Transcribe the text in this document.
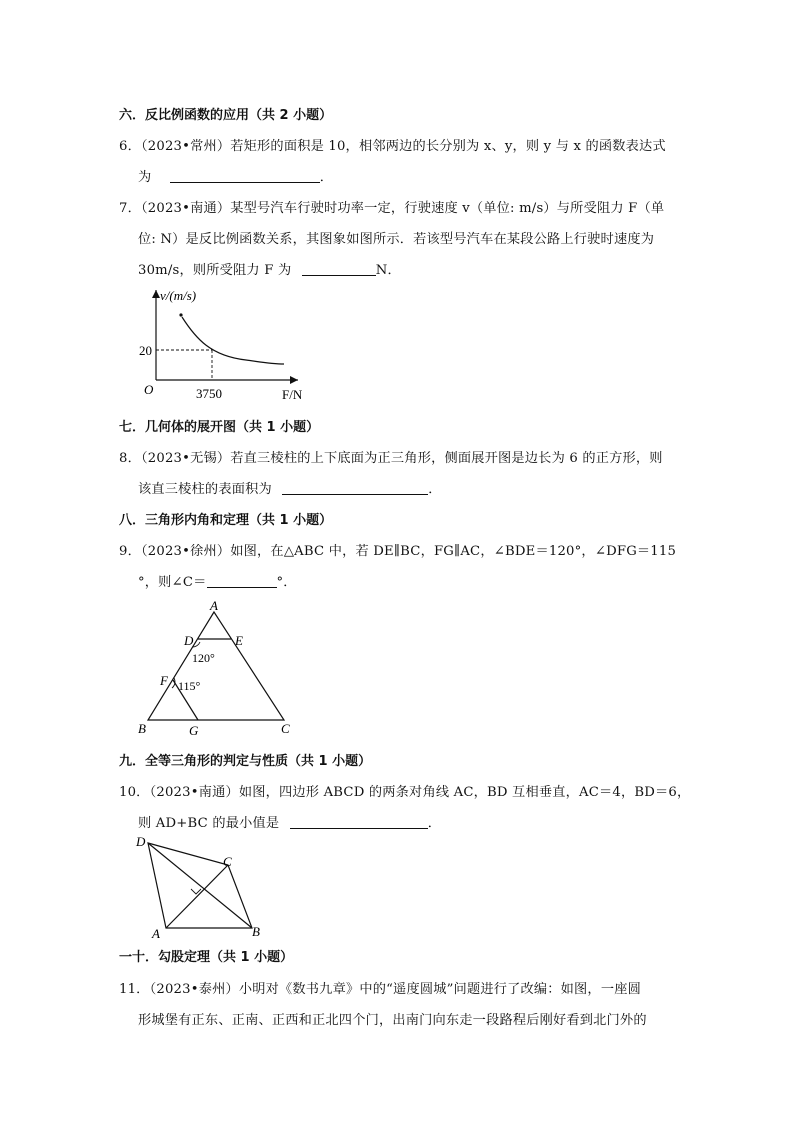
六．反比例函数的应用（共 2 小题）
6．（2023•常州）若矩形的面积是 10，相邻两边的长分别为 x、y，则 y 与 x 的函数表达式
为	．
7．（2023•南通）某型号汽车行驶时功率一定，行驶速度 v（单位: m/s）与所受阻力 F（单
位: N）是反比例函数关系，其图象如图所示．若该型号汽车在某段公路上行驶时速度为
30m/s，则所受阻力 F 为	N．
v/(m/s)
F/N
O
20
3750
七．几何体的展开图（共 1 小题）
8．（2023•无锡）若直三棱柱的上下底面为正三角形，侧面展开图是边长为 6 的正方形，则
该直三棱柱的表面积为	．
八．三角形内角和定理（共 1 小题）
9．（2023•徐州）如图，在△ABC 中，若 DE∥BC，FG∥AC，∠BDE＝120°，∠DFG＝115
°，则∠C＝	°．
A
B	C
D	E
F
G
120°
115°
九．全等三角形的判定与性质（共 1 小题）
10．（2023•南通）如图，四边形 ABCD 的两条对角线 AC，BD 互相垂直，AC＝4，BD＝6，
则 AD+BC 的最小值是	．
D
C
A	B
一十．勾股定理（共 1 小题）
11．（2023•泰州）小明对《数书九章》中的“遥度圆城”问题进行了改编：如图，一座圆
形城堡有正东、正南、正西和正北四个门，出南门向东走一段路程后刚好看到北门外的
